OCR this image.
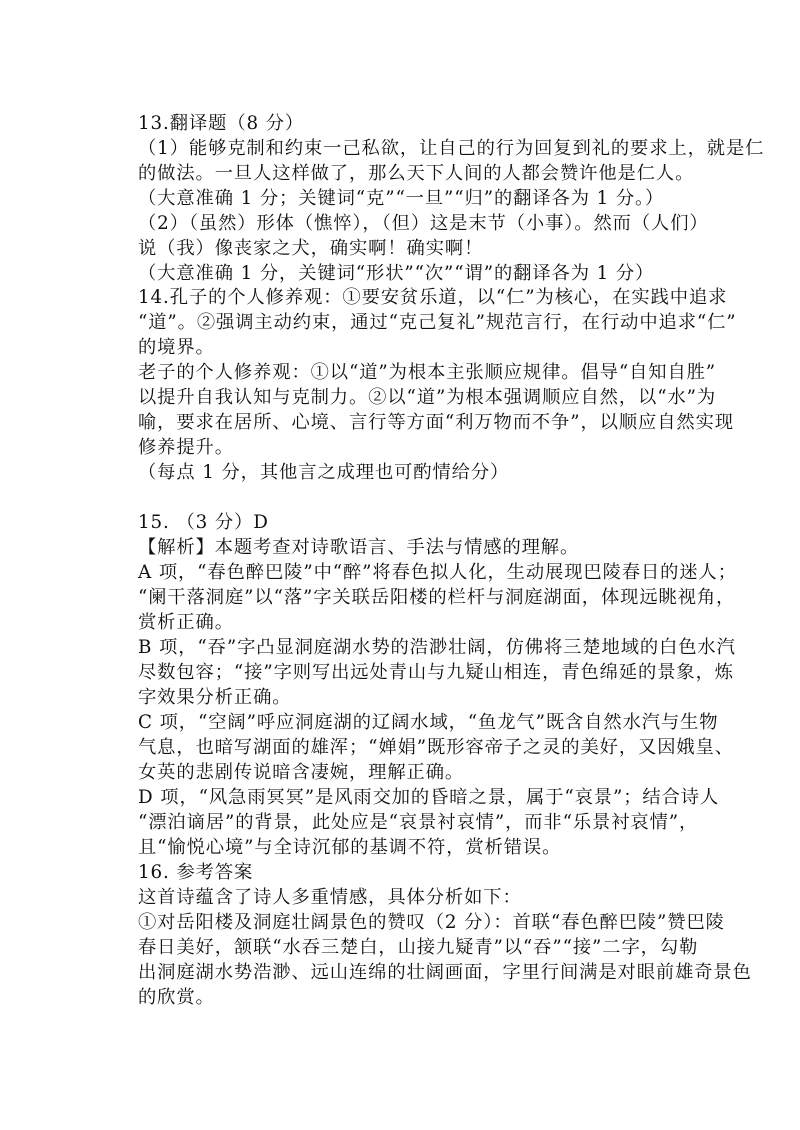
13.翻译题（8 分）
（1）能够克制和约束一己私欲，让自己的行为回复到礼的要求上，就是仁
的做法。一旦人这样做了，那么天下人间的人都会赞许他是仁人。
（大意准确 1 分；关键词“克”“一旦”“归”的翻译各为 1 分。）
（2）（虽然）形体（憔悴），（但）这是末节（小事）。然而（人们）
说（我）像丧家之犬，确实啊！确实啊！
（大意准确 1 分，关键词“形状”“次”“谓”的翻译各为 1 分）
14.孔子的个人修养观：①要安贫乐道，以“仁”为核心，在实践中追求
“道”。②强调主动约束，通过“克己复礼”规范言行，在行动中追求“仁”
的境界。
老子的个人修养观：①以“道”为根本主张顺应规律。倡导“自知自胜”
以提升自我认知与克制力。②以“道”为根本强调顺应自然，以“水”为
喻，要求在居所、心境、言行等方面“利万物而不争”，以顺应自然实现
修养提升。
（每点 1 分，其他言之成理也可酌情给分）
15. （3 分）D
【解析】本题考查对诗歌语言、手法与情感的理解。
A 项，“春色醉巴陵”中“醉”将春色拟人化，生动展现巴陵春日的迷人；
“阑干落洞庭”以“落”字关联岳阳楼的栏杆与洞庭湖面，体现远眺视角，
赏析正确。
B 项，“吞”字凸显洞庭湖水势的浩渺壮阔，仿佛将三楚地域的白色水汽
尽数包容；“接”字则写出远处青山与九疑山相连，青色绵延的景象，炼
字效果分析正确。
C 项，“空阔”呼应洞庭湖的辽阔水域，“鱼龙气”既含自然水汽与生物
气息，也暗写湖面的雄浑；“婵娟”既形容帝子之灵的美好，又因娥皇、
女英的悲剧传说暗含凄婉，理解正确。
D 项，“风急雨冥冥”是风雨交加的昏暗之景，属于“哀景”；结合诗人
“漂泊谪居”的背景，此处应是“哀景衬哀情”，而非“乐景衬哀情”，
且“愉悦心境”与全诗沉郁的基调不符，赏析错误。
16. 参考答案
这首诗蕴含了诗人多重情感，具体分析如下：
①对岳阳楼及洞庭壮阔景色的赞叹（2 分）：首联“春色醉巴陵”赞巴陵
春日美好，颔联“水吞三楚白，山接九疑青”以“吞”“接”二字，勾勒
出洞庭湖水势浩渺、远山连绵的壮阔画面，字里行间满是对眼前雄奇景色
的欣赏。
